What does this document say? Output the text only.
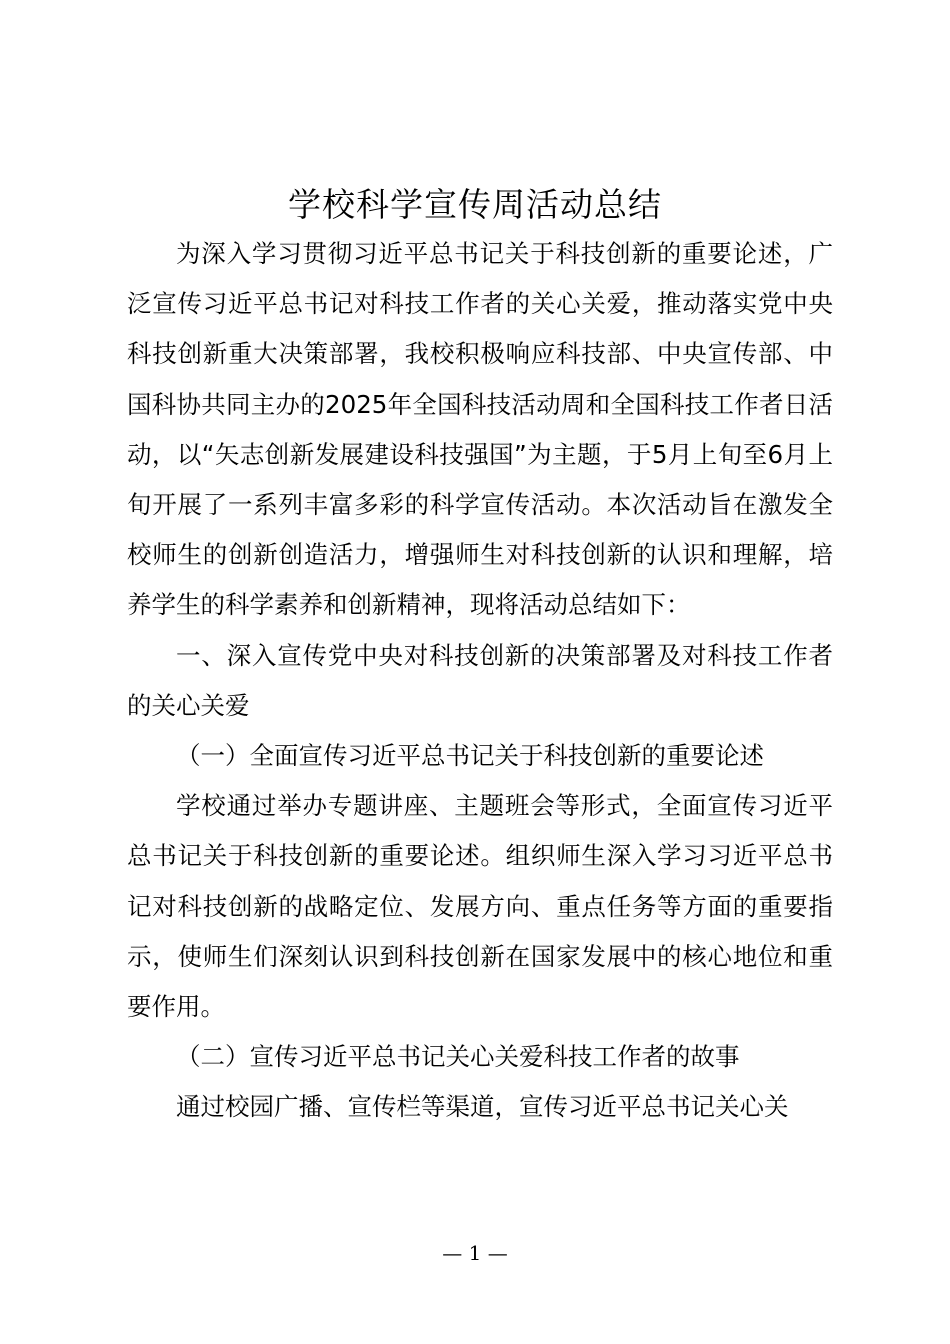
学校科学宣传周活动总结

为深入学习贯彻习近平总书记关于科技创新的重要论述，广泛宣传习近平总书记对科技工作者的关心关爱，推动落实党中央科技创新重大决策部署，我校积极响应科技部、中央宣传部、中国科协共同主办的2025年全国科技活动周和全国科技工作者日活动，以“矢志创新发展建设科技强国”为主题，于5月上旬至6月上旬开展了一系列丰富多彩的科学宣传活动。本次活动旨在激发全校师生的创新创造活力，增强师生对科技创新的认识和理解，培养学生的科学素养和创新精神，现将活动总结如下：

一、深入宣传党中央对科技创新的决策部署及对科技工作者的关心关爱

（一）全面宣传习近平总书记关于科技创新的重要论述

学校通过举办专题讲座、主题班会等形式，全面宣传习近平总书记关于科技创新的重要论述。组织师生深入学习习近平总书记对科技创新的战略定位、发展方向、重点任务等方面的重要指示，使师生们深刻认识到科技创新在国家发展中的核心地位和重要作用。

（二）宣传习近平总书记关心关爱科技工作者的故事

通过校园广播、宣传栏等渠道，宣传习近平总书记关心关

— 1 —
